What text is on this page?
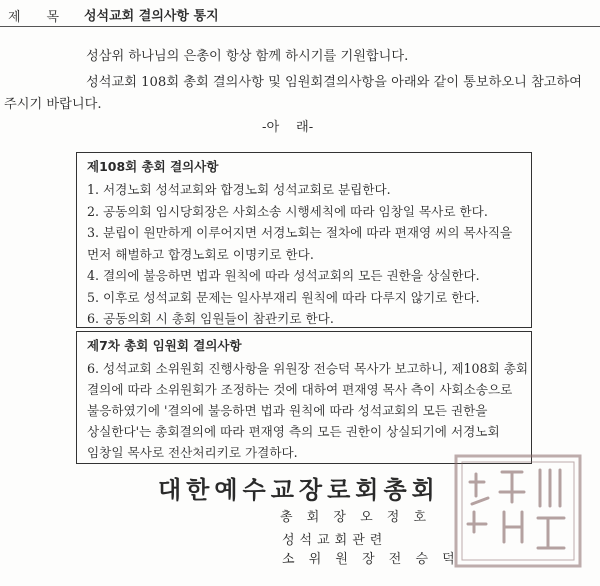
제목
성석교회 결의사항 통지
성삼위 하나님의 은총이 항상 함께 하시기를 기원합니다.
성석교회 108회 총회 결의사항 및 임원회결의사항을 아래와 같이 통보하오니 참고하여
주시기 바랍니다.
-아    래-
제108회 총회 결의사항
1. 서경노회 성석교회와 합경노회 성석교회로 분립한다.
2. 공동의회 임시당회장은 사회소송 시행세칙에 따라 임창일 목사로 한다.
3. 분립이 원만하게 이루어지면 서경노회는 절차에 따라 편재영 씨의 목사직을
먼저 해벌하고 합경노회로 이명키로 한다.
4. 결의에 불응하면 법과 원칙에 따라 성석교회의 모든 권한을 상실한다.
5. 이후로 성석교회 문제는 일사부재리 원칙에 따라 다루지 않기로 한다.
6. 공동의회 시 총회 임원들이 참관키로 한다.
제7차 총회 임원회 결의사항
6. 성석교회 소위원회 진행사항을 위원장 전승덕 목사가 보고하니, 제108회 총회
결의에 따라 소위원회가 조정하는 것에 대하여 편재영 목사 측이 사회소송으로
불응하였기에 '결의에 불응하면 법과 원칙에 따라 성석교회의 모든 권한을
상실한다'는 총회결의에 따라 편재영 측의 모든 권한이 상실되기에 서경노회
임창일 목사로 전산처리키로 가결하다.
대한예수교장로회총회
총 회 장 오 정 호
성석교회관련
소 위 원 장 전 승 덕
